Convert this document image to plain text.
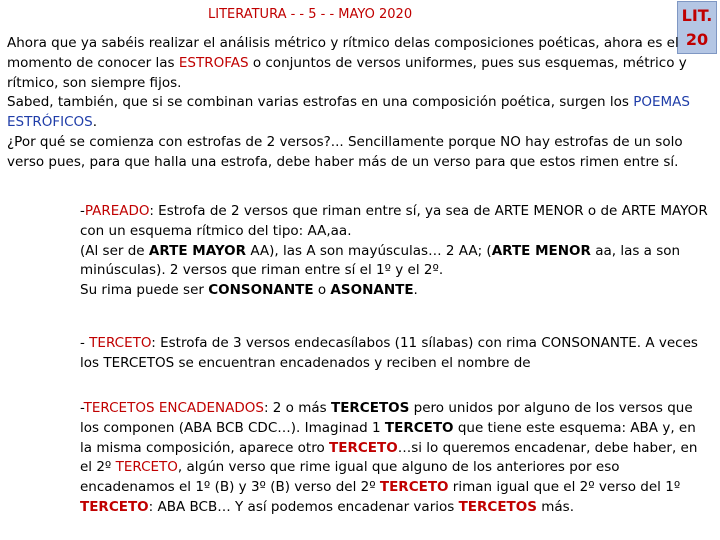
LITERATURA - - 5 - - MAYO 2020	LIT.
20

Ahora que ya sabéis realizar el análisis métrico y rítmico delas composiciones poéticas, ahora es el momento de conocer las ESTROFAS o conjuntos de versos uniformes, pues sus esquemas, métrico y rítmico, son siempre fijos.

Sabed, también, que si se combinan varias estrofas en una composición poética, surgen los POEMAS ESTRÓFICOS.

¿Por qué se comienza con estrofas de 2 versos?... Sencillamente porque NO hay estrofas de un solo verso pues, para que halla una estrofa, debe haber más de un verso para que estos rimen entre sí.

-PAREADO: Estrofa de 2 versos que riman entre sí, ya sea de ARTE MENOR o de ARTE MAYOR con un esquema rítmico del tipo: AA,aa.

(Al ser de ARTE MAYOR AA), las A son mayúsculas… 2 AA; (ARTE MENOR aa, las a son minúsculas). 2 versos que riman entre sí el 1º y el 2º.

Su rima puede ser CONSONANTE o ASONANTE.

- TERCETO: Estrofa de 3 versos endecasílabos (11 sílabas) con rima CONSONANTE. A veces los TERCETOS se encuentran encadenados y reciben el nombre de

-TERCETOS ENCADENADOS: 2 o más TERCETOS pero unidos por alguno de los versos que los componen (ABA BCB CDC…). Imaginad 1 TERCETO que tiene este esquema: ABA y, en la misma composición, aparece otro TERCETO…si lo queremos encadenar, debe haber, en el 2º TERCETO, algún verso que rime igual que alguno de los anteriores por eso encadenamos el 1º (B) y 3º (B) verso del 2º TERCETO riman igual que el 2º verso del 1º TERCETO: ABA BCB… Y así podemos encadenar varios TERCETOS más.
